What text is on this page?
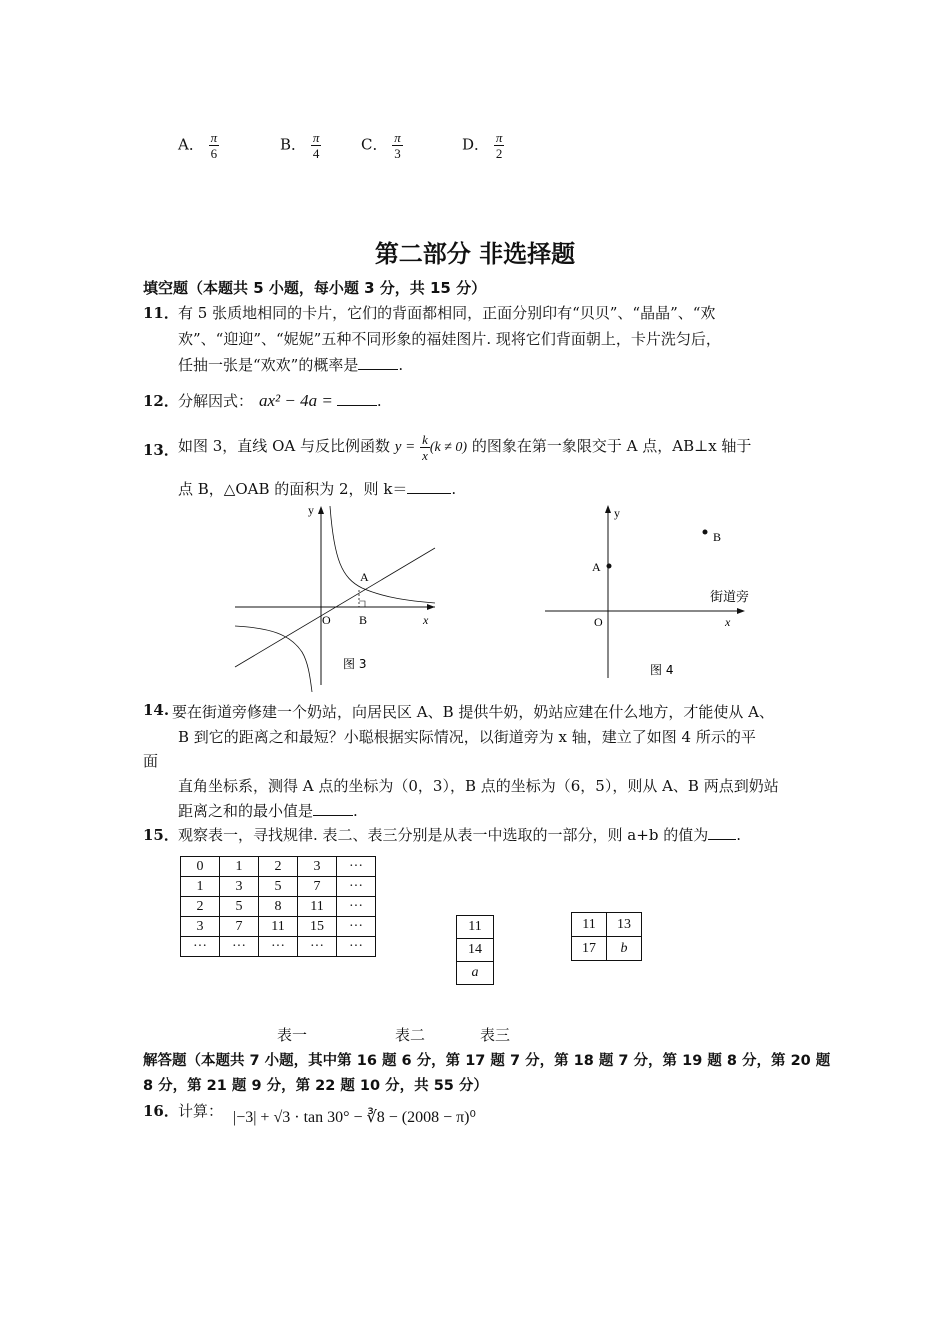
A． $\frac{\pi}{6}$	B． $\frac{\pi}{4}$	C． $\frac{\pi}{3}$	D． $\frac{\pi}{2}$
第二部分 非选择题
填空题（本题共 5 小题，每小题 3 分，共 15 分）
11． 有 5 张质地相同的卡片，它们的背面都相同，正面分别印有“贝贝”、“晶晶”、“欢
欢”、“迎迎”、“妮妮”五种不同形象的福娃图片. 现将它们背面朝上，卡片洗匀后，
任抽一张是“欢欢”的概率是	.
12． 分解因式： ax² − 4a =	.
13． 如图 3，直线 OA 与反比例函数 $y = \frac{k}{x} (k \ne 0)$ 的图象在第一象限交于 A 点，AB⊥x 轴于
点 B，△OAB 的面积为 2，则 k＝	.
y
x
O
A
B
图 3
y
x
O
A
B
街道旁
图 4
14. 要在街道旁修建一个奶站，向居民区 A、B 提供牛奶，奶站应建在什么地方，才能使从 A、
B 到它的距离之和最短？小聪根据实际情况，以街道旁为 x 轴，建立了如图 4 所示的平
面
直角坐标系，测得 A 点的坐标为（0，3），B 点的坐标为（6，5），则从 A、B 两点到奶站
距离之和的最小值是	.
15． 观察表一，寻找规律. 表二、表三分别是从表一中选取的一部分，则 a+b 的值为 .
0	1	2	3	···
1	3	5	7	···
2	5	8	11	···
3	7	11	15	···
···	···	···	···	···
11
14
a
11	13
17	b
表一	表二	表三
解答题（本题共 7 小题，其中第 16 题 6 分，第 17 题 7 分，第 18 题 7 分，第 19 题 8 分，第 20 题
8 分，第 21 题 9 分，第 22 题 10 分，共 55 分）
16． 计算： |−3| + √3 · tan 30° − ∛8 − (2008 − π)⁰
